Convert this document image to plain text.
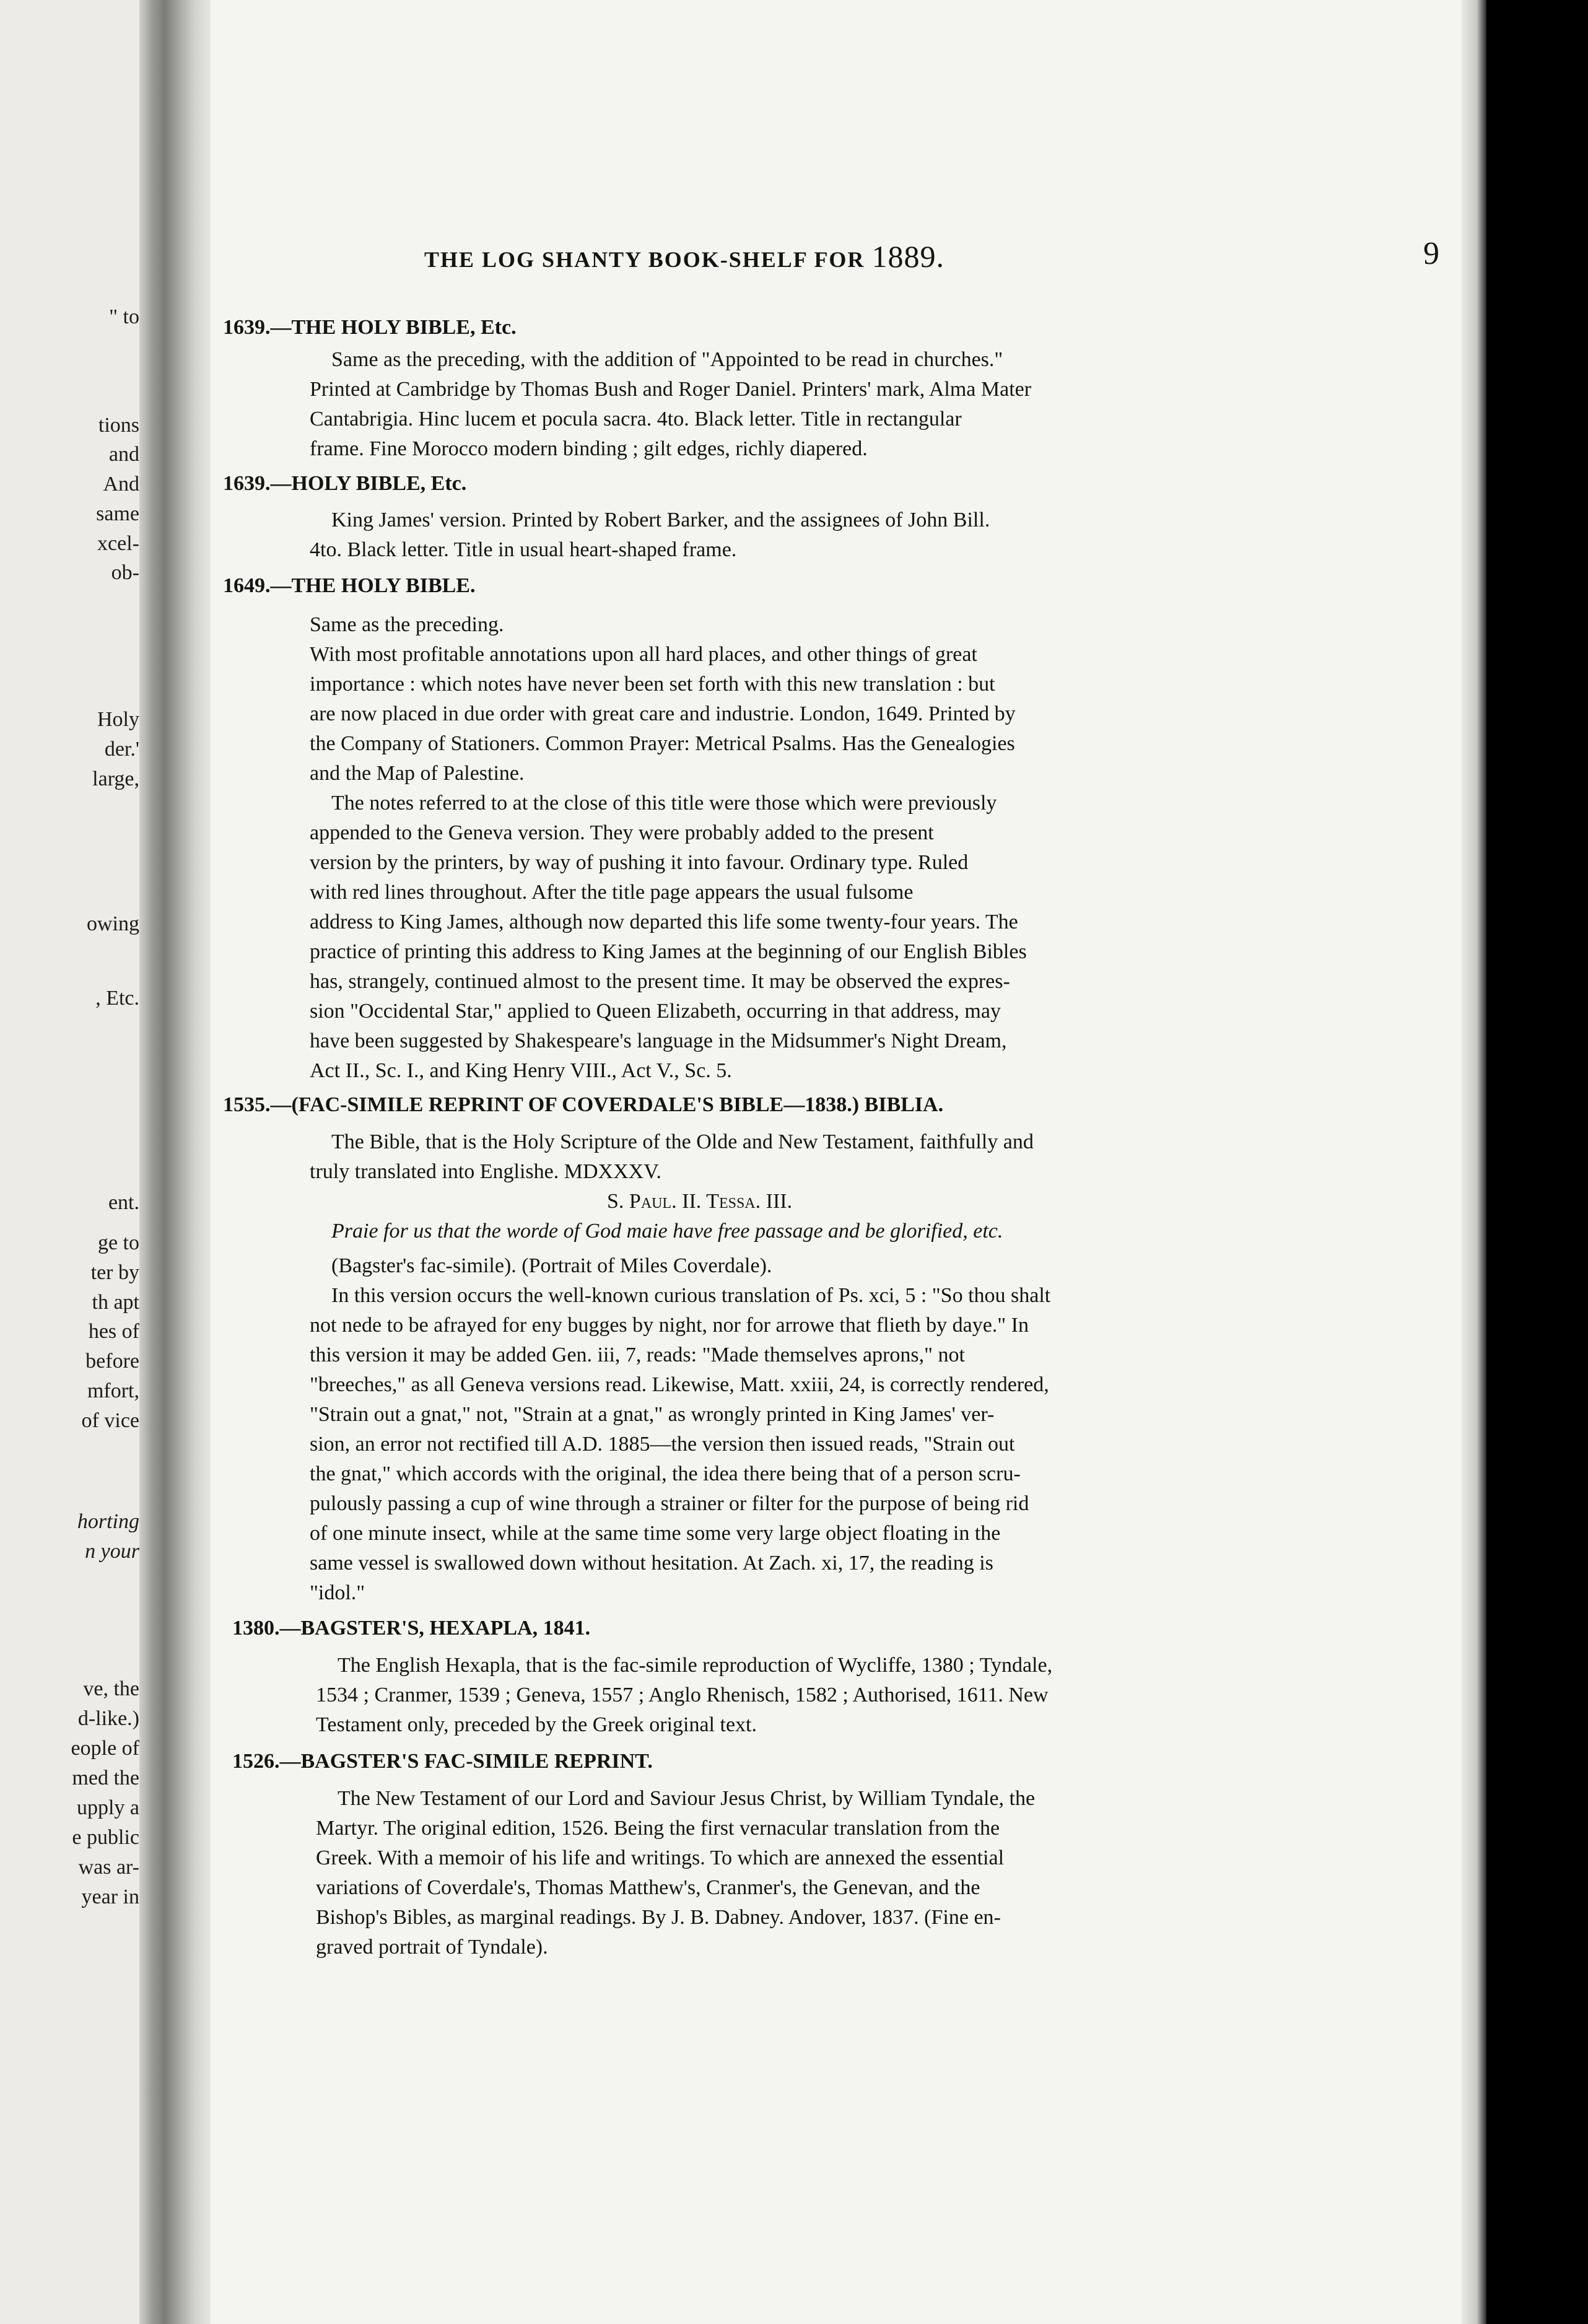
" to
tions
and
And
same
xcel-
ob-
Holy
der.'
large,
owing
, Etc.
ent.
ge to
ter by
th apt
hes of
before
mfort,
of vice
horting
n your
ve, the
d-like.)
eople of
med the
upply a
e public
was ar-
year in
THE LOG SHANTY BOOK-SHELF FOR 1889.	9
1639.—THE HOLY BIBLE, Etc.
Same as the preceding, with the addition of "Appointed to be read in churches."
Printed at Cambridge by Thomas Bush and Roger Daniel. Printers' mark, Alma Mater
Cantabrigia. Hinc lucem et pocula sacra. 4to. Black letter. Title in rectangular
frame. Fine Morocco modern binding ; gilt edges, richly diapered.
1639.—HOLY BIBLE, Etc.
King James' version. Printed by Robert Barker, and the assignees of John Bill.
4to. Black letter. Title in usual heart-shaped frame.
1649.—THE HOLY BIBLE.
Same as the preceding.
With most profitable annotations upon all hard places, and other things of great
importance : which notes have never been set forth with this new translation : but
are now placed in due order with great care and industrie. London, 1649. Printed by
the Company of Stationers. Common Prayer: Metrical Psalms. Has the Genealogies
and the Map of Palestine.
The notes referred to at the close of this title were those which were previously
appended to the Geneva version. They were probably added to the present
version by the printers, by way of pushing it into favour. Ordinary type. Ruled
with red lines throughout. After the title page appears the usual fulsome
address to King James, although now departed this life some twenty-four years. The
practice of printing this address to King James at the beginning of our English Bibles
has, strangely, continued almost to the present time. It may be observed the expres-
sion "Occidental Star," applied to Queen Elizabeth, occurring in that address, may
have been suggested by Shakespeare's language in the Midsummer's Night Dream,
Act II., Sc. I., and King Henry VIII., Act V., Sc. 5.
1535.—(FAC-SIMILE REPRINT OF COVERDALE'S BIBLE—1838.) BIBLIA.
The Bible, that is the Holy Scripture of the Olde and New Testament, faithfully and
truly translated into Englishe. MDXXXV.
S. Paul. II. Tessa. III.
Praie for us that the worde of God maie have free passage and be glorified, etc.
(Bagster's fac-simile). (Portrait of Miles Coverdale).
In this version occurs the well-known curious translation of Ps. xci, 5 : "So thou shalt
not nede to be afrayed for eny bugges by night, nor for arrowe that flieth by daye." In
this version it may be added Gen. iii, 7, reads: "Made themselves aprons," not
"breeches," as all Geneva versions read. Likewise, Matt. xxiii, 24, is correctly rendered,
"Strain out a gnat," not, "Strain at a gnat," as wrongly printed in King James' ver-
sion, an error not rectified till A.D. 1885—the version then issued reads, "Strain out
the gnat," which accords with the original, the idea there being that of a person scru-
pulously passing a cup of wine through a strainer or filter for the purpose of being rid
of one minute insect, while at the same time some very large object floating in the
same vessel is swallowed down without hesitation. At Zach. xi, 17, the reading is
"idol."
1380.—BAGSTER'S, HEXAPLA, 1841.
The English Hexapla, that is the fac-simile reproduction of Wycliffe, 1380 ; Tyndale,
1534 ; Cranmer, 1539 ; Geneva, 1557 ; Anglo Rhenisch, 1582 ; Authorised, 1611. New
Testament only, preceded by the Greek original text.
1526.—BAGSTER'S FAC-SIMILE REPRINT.
The New Testament of our Lord and Saviour Jesus Christ, by William Tyndale, the
Martyr. The original edition, 1526. Being the first vernacular translation from the
Greek. With a memoir of his life and writings. To which are annexed the essential
variations of Coverdale's, Thomas Matthew's, Cranmer's, the Genevan, and the
Bishop's Bibles, as marginal readings. By J. B. Dabney. Andover, 1837. (Fine en-
graved portrait of Tyndale).
